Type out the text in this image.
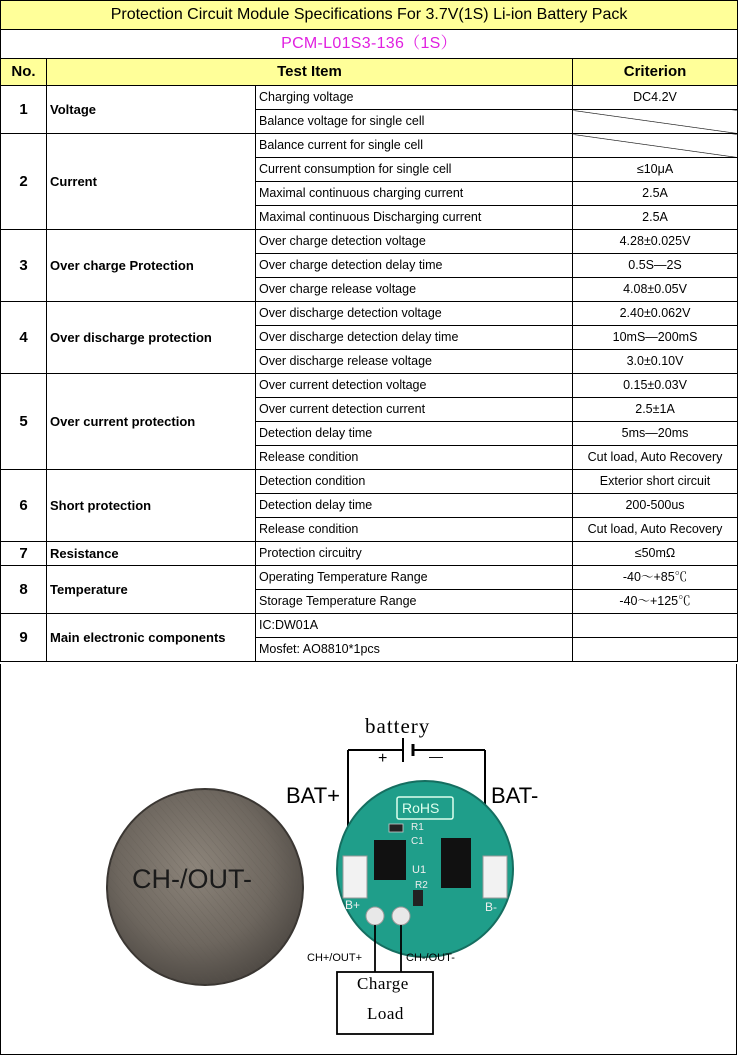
Protection Circuit Module Specifications For 3.7V(1S) Li-ion Battery Pack			
PCM-L01S3-136（1S）			
No.	Test Item		Criterion
1	Voltage	Charging voltage	DC4.2V
		Balance voltage for single cell	
2	Current	Balance current for single cell	
		Current consumption for single cell	≤10μA
		Maximal continuous charging current	2.5A
		Maximal continuous Discharging current	2.5A
3	Over charge Protection	Over charge detection voltage	4.28±0.025V
		Over charge detection delay time	0.5S—2S
		Over charge release voltage	4.08±0.05V
4	Over discharge protection	Over discharge detection voltage	2.40±0.062V
		Over discharge detection delay time	10mS—200mS
		Over discharge release voltage	3.0±0.10V
5	Over current protection	Over current detection voltage	0.15±0.03V
		Over current detection current	2.5±1A
		Detection delay time	5ms—20ms
		Release condition	Cut load, Auto Recovery
6	Short protection	Detection condition	Exterior short circuit
		Detection delay time	200-500us
		Release condition	Cut load, Auto Recovery
7	Resistance	Protection circuitry	≤50mΩ
8	Temperature	Operating Temperature Range	-40～+85℃
		Storage Temperature Range	-40～+125℃
9	Main electronic components	IC:DW01A	
		Mosfet: AO8810*1pcs	
battery
+	—
BAT+	BAT-
CH-/OUT-
RoHS
R1
C1
U1
R2
B+	B-
CH+/OUT+	CH-/OUT-
Charge
Load
